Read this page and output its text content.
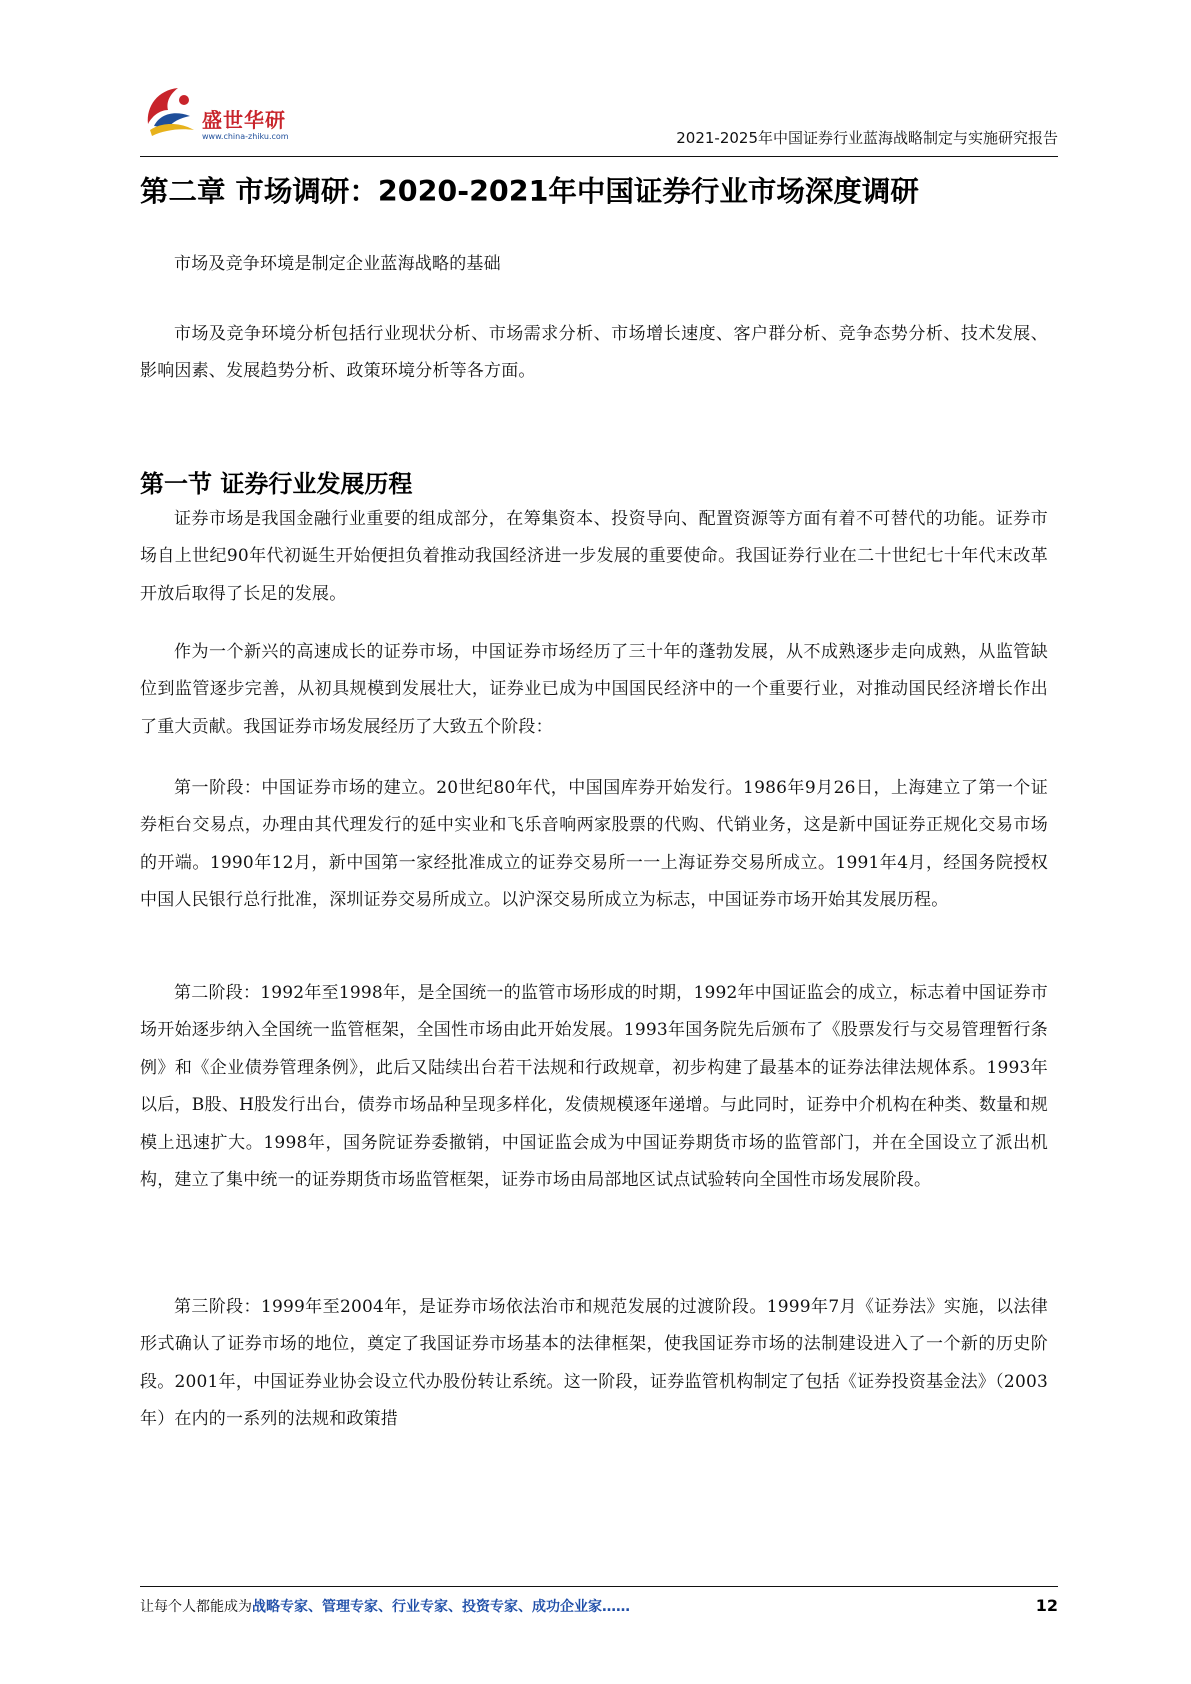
盛世华研
www.china-zhiku.com	2021-2025年中国证券行业蓝海战略制定与实施研究报告
第二章 市场调研：2020-2021年中国证券行业市场深度调研

市场及竞争环境是制定企业蓝海战略的基础

市场及竞争环境分析包括行业现状分析、市场需求分析、市场增长速度、客户群分析、竞争态势分析、技术发展、影响因素、发展趋势分析、政策环境分析等各方面。

第一节 证券行业发展历程

证券市场是我国金融行业重要的组成部分，在筹集资本、投资导向、配置资源等方面有着不可替代的功能。证券市场自上世纪90年代初诞生开始便担负着推动我国经济进一步发展的重要使命。我国证券行业在二十世纪七十年代末改革开放后取得了长足的发展。

作为一个新兴的高速成长的证券市场，中国证券市场经历了三十年的蓬勃发展，从不成熟逐步走向成熟，从监管缺位到监管逐步完善，从初具规模到发展壮大，证券业已成为中国国民经济中的一个重要行业，对推动国民经济增长作出了重大贡献。我国证券市场发展经历了大致五个阶段：

第一阶段：中国证券市场的建立。20世纪80年代，中国国库券开始发行。1986年9月26日，上海建立了第一个证券柜台交易点，办理由其代理发行的延中实业和飞乐音响两家股票的代购、代销业务，这是新中国证券正规化交易市场的开端。1990年12月，新中国第一家经批准成立的证券交易所一一上海证券交易所成立。1991年4月，经国务院授权中国人民银行总行批准，深圳证券交易所成立。以沪深交易所成立为标志，中国证券市场开始其发展历程。

第二阶段：1992年至1998年，是全国统一的监管市场形成的时期，1992年中国证监会的成立，标志着中国证券市场开始逐步纳入全国统一监管框架，全国性市场由此开始发展。1993年国务院先后颁布了《股票发行与交易管理暂行条例》和《企业债券管理条例》，此后又陆续出台若干法规和行政规章，初步构建了最基本的证券法律法规体系。1993年以后，B股、H股发行出台，债券市场品种呈现多样化，发债规模逐年递增。与此同时，证券中介机构在种类、数量和规模上迅速扩大。1998年，国务院证券委撤销，中国证监会成为中国证券期货市场的监管部门，并在全国设立了派出机构，建立了集中统一的证券期货市场监管框架，证券市场由局部地区试点试验转向全国性市场发展阶段。

第三阶段：1999年至2004年，是证券市场依法治市和规范发展的过渡阶段。1999年7月《证券法》实施，以法律形式确认了证券市场的地位，奠定了我国证券市场基本的法律框架，使我国证券市场的法制建设进入了一个新的历史阶段。2001年，中国证券业协会设立代办股份转让系统。这一阶段，证券监管机构制定了包括《证券投资基金法》（2003年）在内的一系列的法规和政策措

让每个人都能成为战略专家、管理专家、行业专家、投资专家、成功企业家……	12
